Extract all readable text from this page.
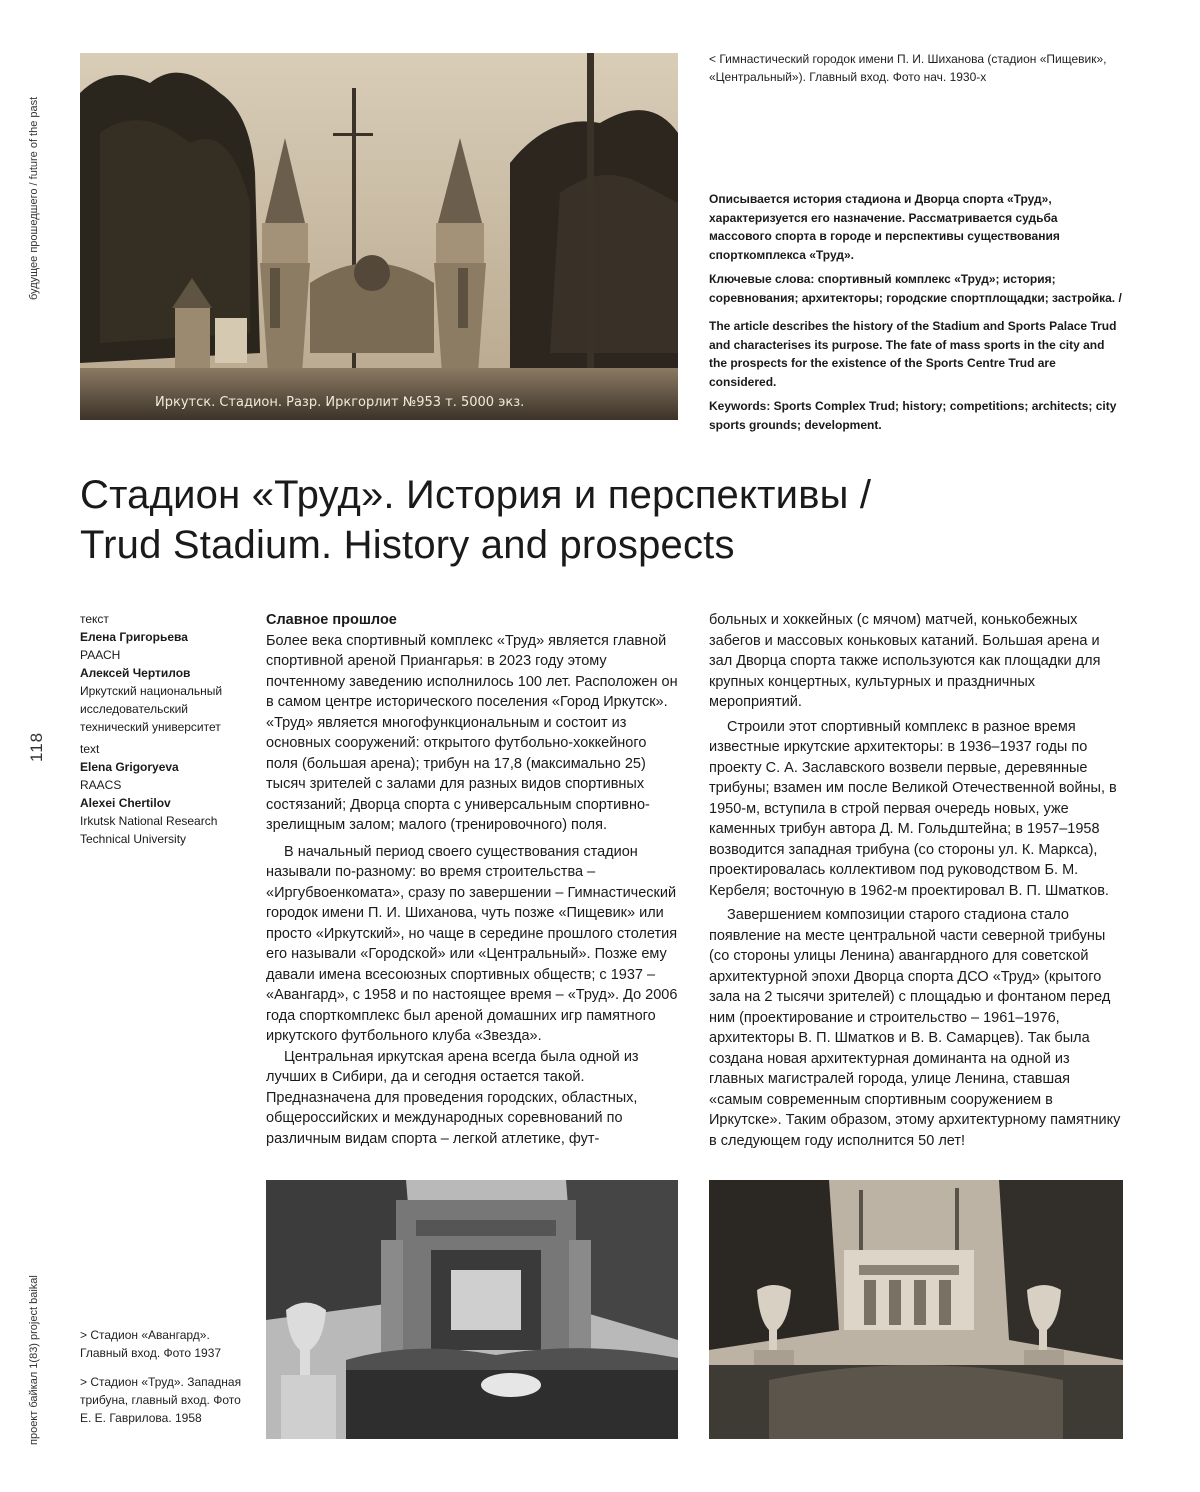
будущее прошедшего / future of the past
проект байкал 1(83) project baikal
118
Иркутск. Стадион. Разр. Иркгорлит №953 т. 5000 экз.
< Гимнастический городок имени П. И. Шиханова (стадион «Пищевик», «Центральный»). Главный вход. Фото нач. 1930-х

Описывается история стадиона и Дворца спорта «Труд», характеризуется его назначение. Рассматривается судьба массового спорта в городе и перспективы существования спорткомплекса «Труд».

Ключевые слова: спортивный комплекс «Труд»; история; соревнования; архитекторы; городские спортплощадки; застройка. /

The article describes the history of the Stadium and Sports Palace Trud and characterises its purpose. The fate of mass sports in the city and the prospects for the existence of the Sports Centre Trud are considered.

Keywords: Sports Complex Trud; history; competitions; architects; city sports grounds; development.

Стадион «Труд». История и перспективы /
Trud Stadium. History and prospects
текст
Елена Григорьева
РААСН
Алексей Чертилов
Иркутский национальный исследовательский технический университет
text
Elena Grigoryeva
RAACS
Alexei Chertilov
Irkutsk National Research Technical University
Славное прошлое

Более века спортивный комплекс «Труд» является главной спортивной ареной Приангарья: в 2023 году этому почтенному заведению исполнилось 100 лет. Расположен он в самом центре исторического поселения «Город Иркутск». «Труд» является многофункциональным и состоит из основных сооружений: открытого футбольно-хоккейного поля (большая арена); трибун на 17,8 (максимально 25) тысяч зрителей с залами для разных видов спортивных состязаний; Дворца спорта с универсальным спортивно-зрелищным залом; малого (тренировочного) поля.

В начальный период своего существования стадион называли по-разному: во время строительства – «Иргубвоенкомата», сразу по завершении – Гимнастический городок имени П. И. Шиханова, чуть позже «Пищевик» или просто «Иркутский», но чаще в середине прошлого столетия его называли «Городской» или «Центральный». Позже ему давали имена всесоюзных спортивных обществ; с 1937 – «Авангард», с 1958 и по настоящее время – «Труд». До 2006 года спорткомплекс был ареной домашних игр памятного иркутского футбольного клуба «Звезда».

Центральная иркутская арена всегда была одной из лучших в Сибири, да и сегодня остается такой. Предназначена для проведения городских, областных, общероссийских и международных соревнований по различным видам спорта – легкой атлетике, фут-

больных и хоккейных (с мячом) матчей, конькобежных забегов и массовых коньковых катаний. Большая арена и зал Дворца спорта также используются как площадки для крупных концертных, культурных и праздничных мероприятий.

Строили этот спортивный комплекс в разное время известные иркутские архитекторы: в 1936–1937 годы по проекту С. А. Заславского возвели первые, деревянные трибуны; взамен им после Великой Отечественной войны, в 1950-м, вступила в строй первая очередь новых, уже каменных трибун автора Д. М. Гольдштейна; в 1957–1958 возводится западная трибуна (со стороны ул. К. Маркса), проектировалась коллективом под руководством Б. М. Кербеля; восточную в 1962-м проектировал В. П. Шматков.

Завершением композиции старого стадиона стало появление на месте центральной части северной трибуны (со стороны улицы Ленина) авангардного для советской архитектурной эпохи Дворца спорта ДСО «Труд» (крытого зала на 2 тысячи зрителей) с площадью и фонтаном перед ним (проектирование и строительство – 1961–1976, архитекторы В. П. Шматков и В. В. Самарцев). Так была создана новая архитектурная доминанта на одной из главных магистралей города, улице Ленина, ставшая «самым современным спортивным сооружением в Иркутске». Таким образом, этому архитектурному памятнику в следующем году исполнится 50 лет!

> Стадион «Авангард». Главный вход. Фото 1937
> Стадион «Труд». Западная трибуна, главный вход. Фото Е. Е. Гаврилова. 1958
